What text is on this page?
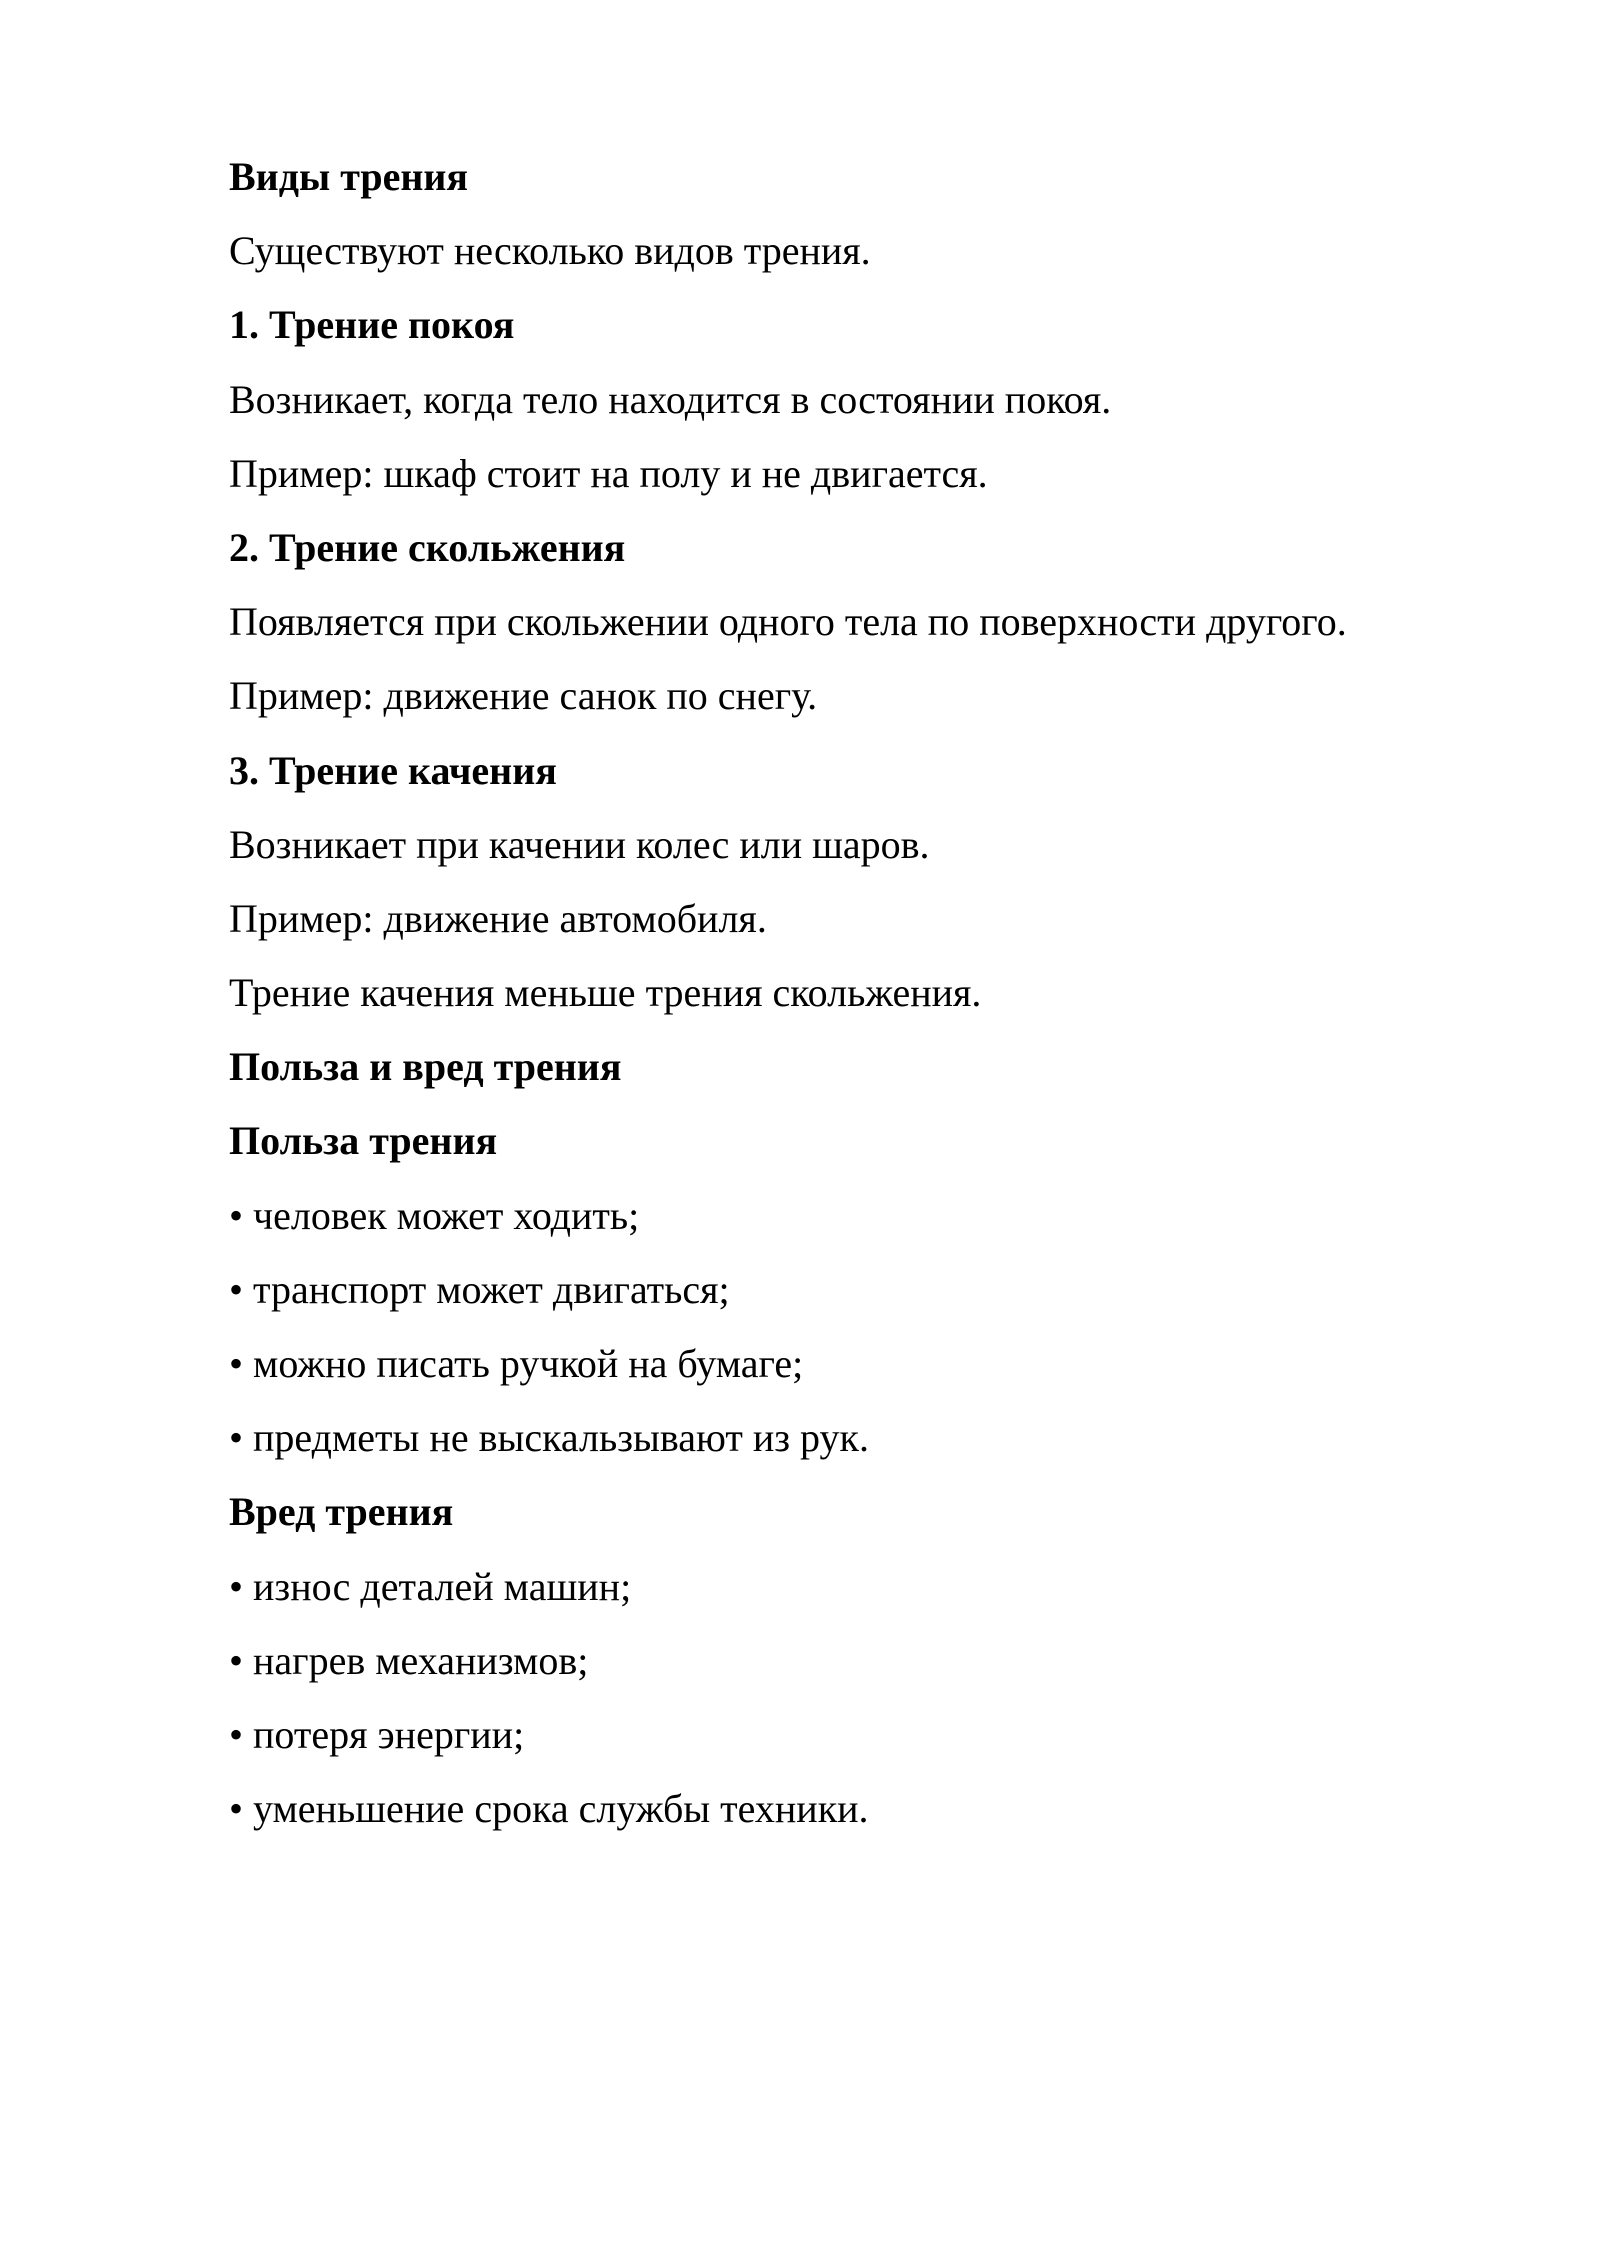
Виды трения
Существуют несколько видов трения.
1. Трение покоя
Возникает, когда тело находится в состоянии покоя.
Пример: шкаф стоит на полу и не двигается.
2. Трение скольжения
Появляется при скольжении одного тела по поверхности другого.
Пример: движение санок по снегу.
3. Трение качения
Возникает при качении колес или шаров.
Пример: движение автомобиля.
Трение качения меньше трения скольжения.
Польза и вред трения
Польза трения
• человек может ходить;
• транспорт может двигаться;
• можно писать ручкой на бумаге;
• предметы не выскальзывают из рук.
Вред трения
• износ деталей машин;
• нагрев механизмов;
• потеря энергии;
• уменьшение срока службы техники.
